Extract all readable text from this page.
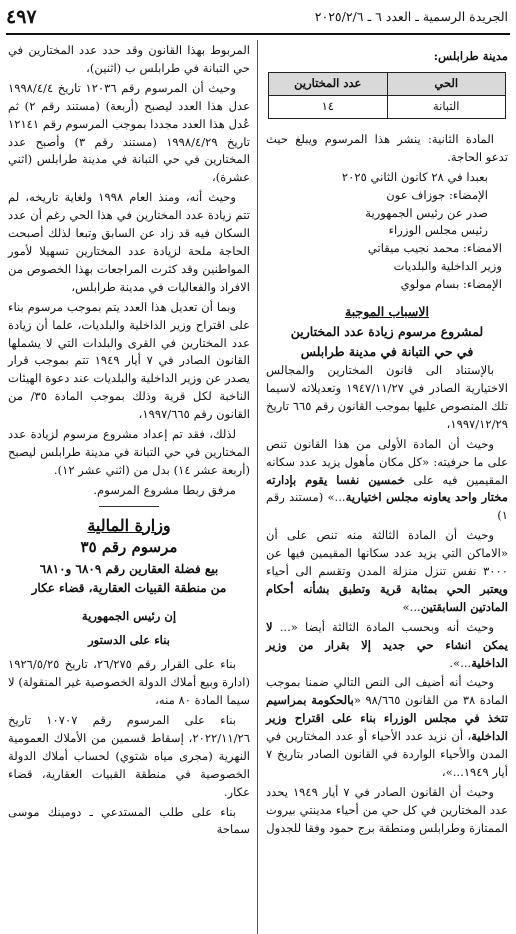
الجريدة الرسمية ـ العدد ٦ ـ ٢٠٢٥/٢/٦
٤٩٧
مدينة طرابلس:
الحي	عدد المختارين
التبانة	١٤

المادة الثانية: ينشر هذا المرسوم ويبلغ حيث تدعو الحاجة.

بعبدا في ٢٨ كانون الثاني ٢٠٢٥

الإمضاء: جوزاف عون

صدر عن رئيس الجمهورية

رئيس مجلس الوزراء

الامضاء: محمد نجيب ميقاتي

وزير الداخلية والبلديات

الإمضاء: بسام مولوي

الاسباب الموجبة
لمشروع مرسوم زيادة عدد المختارين
في حي التبانة في مدينة طرابلس

بالإستناد الى قانون المختارين والمجالس الاختيارية الصادر في ١٩٤٧/١١/٢٧ وتعديلاته لاسيما تلك المنصوص عليها بموجب القانون رقم ٦٦٥ تاريخ ١٩٩٧/١٢/٢٩،

وحيث أن المادة الأولى من هذا القانون تنص على ما حرفيته: «كل مكان مأهول يزيد عدد سكانه المقيمين فيه على خمسين نفسا يقوم بإدارته مختار واحد يعاونه مجلس اختيارية...» (مستند رقم ١)

وحيث أن المادة الثالثة منه تنص على أن «الاماكن التي يزيد عدد سكانها المقيمين فيها عن ٣٠٠٠ نفس تنزل منزلة المدن وتقسم الى أحياء ويعتبر الحي بمثابة قرية وتطبق بشأنه أحكام المادتين السابقتين...»

وحيث أنه وبحسب المادة الثالثة أيضا «... لا يمكن انشاء حي جديد إلا بقرار من وزير الداخلية...».

وحيث أنه أضيف الى النص التالي ضمنا بموجب المادة ٣٨ من القانون ٩٨/٦٦٥ «بالحكومة بمراسيم تتخذ في مجلس الوزراء بناء على اقتراح وزير الداخلية، أن نزيد عدد الأحياء أو عدد المختارين في المدن والأحياء الواردة في القانون الصادر بتاريخ ٧ أيار ١٩٤٩...»،

وحيث أن القانون الصادر في ٧ أيار ١٩٤٩ يحدد عدد المختارين في كل حي من أحياء مدينتي بيروت الممتازة وطرابلس ومنطقة برج حمود وفقا للجدول

المربوط بهذا القانون وقد حدد عدد المختارين في حي التبانة في طرابلس ب (اثنين)،

وحيث أن المرسوم رقم ١٢٠٣٦ تاريخ ١٩٩٨/٤/٤ عدل هذا العدد ليصبح (أربعة) (مستند رقم ٢) ثم عُدل هذا العدد مجددا بموجب المرسوم رقم ١٢١٤١ تاريخ ١٩٩٨/٤/٢٩ (مستند رقم ٣) وأصبح عدد المختارين في حي التبانة في مدينة طرابلس (اثني عشرة)،

وحيث أنه، ومنذ العام ١٩٩٨ ولغاية تاريخه، لم تتم زيادة عدد المختارين في هذا الحي رغم أن عدد السكان فيه قد زاد عن السابق وتبعا لذلك أصبحت الحاجة ملحة لزيادة عدد المختارين تسهيلا لأمور المواطنين وقد كثرت المراجعات بهذا الخصوص من الافراد والفعاليات في مدينة طرابلس،

وبما أن تعديل هذا العدد يتم بموجب مرسوم بناء على اقتراح وزير الداخلية والبلديات، علما أن زيادة عدد المختارين في القرى والبلدات التي لا يشملها القانون الصادر في ٧ أيار ١٩٤٩ تتم بموجب قرار يصدر عن وزير الداخلية والبلديات عند دعوة الهيئات الناخبة لكل قرية وذلك بموجب المادة ٣٥/ من القانون رقم ١٩٩٧/٦٦٥،

لذلك، فقد تم إعداد مشروع مرسوم لزيادة عدد المختارين في حي التبانة في مدينة طرابلس ليصبح (أربعة عشر ١٤) بدل من (اثني عشر ١٢).

مرفق ربطا مشروع المرسوم.

وزارة المالية
مرسوم رقم ٣٥
بيع فضلة العقارين رقم ٦٨٠٩ و٦٨١٠
من منطقة القبيات العقارية، قضاء عكار
إن رئيس الجمهورية
بناء على الدستور

بناء على القرار رقم ٢٦/٢٧٥، تاريخ ١٩٢٦/٥/٢٥ (ادارة وبيع أملاك الدولة الخصوصية غير المنقولة) لا سيما المادة ٨٠ منه،

بناء على المرسوم رقم ١٠٧٠٧ تاريخ ٢٠٢٢/١١/٢٦، إسقاط قسمين من الأملاك العمومية النهرية (مجرى مياه شتوي) لحساب أملاك الدولة الخصوصية في منطقة القبيات العقارية، قضاء عكار.

بناء على طلب المستدعي ـ دومينك موسى سماحة
